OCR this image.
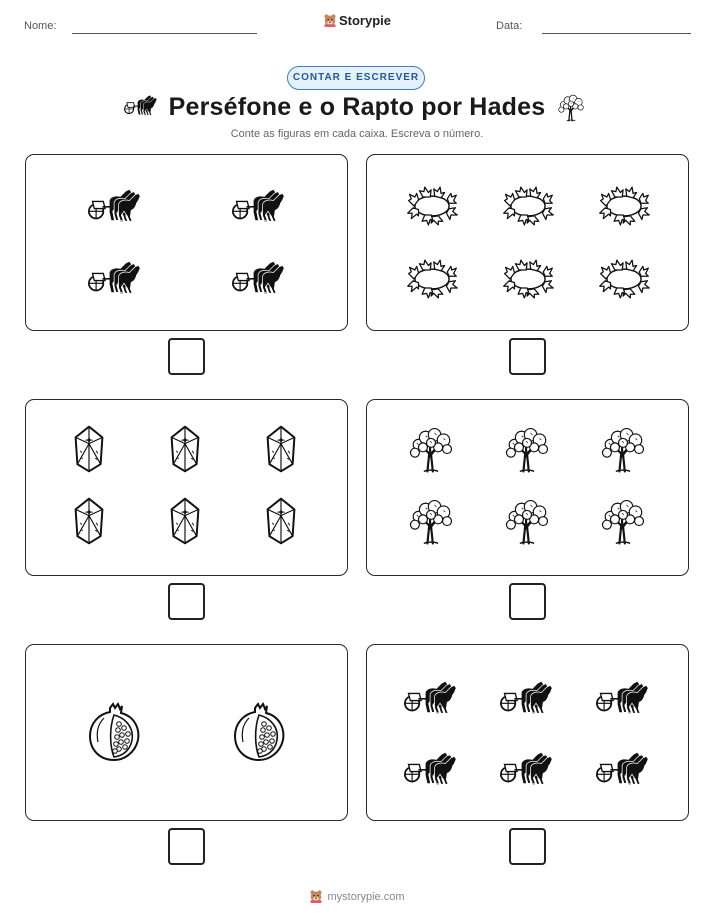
Nome:	Data:
Storypie
CONTAR E ESCREVER
Perséfone e o Rapto por Hades
Conte as figuras em cada caixa. Escreva o número.
mystorypie.com
